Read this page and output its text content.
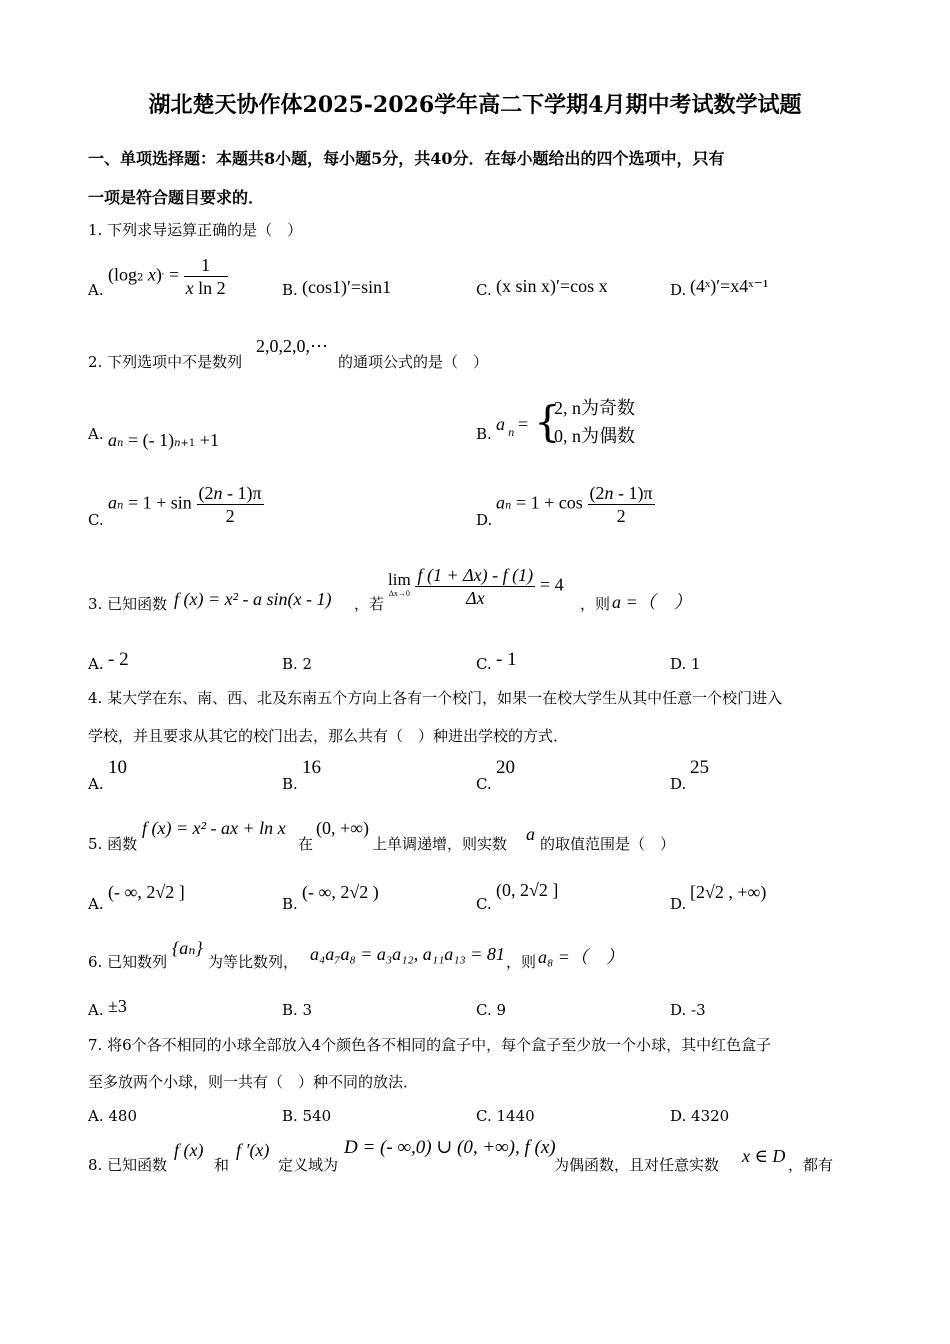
湖北楚天协作体2025-2026学年高二下学期4月期中考试数学试题
一、单项选择题：本题共8小题，每小题5分，共40分．在每小题给出的四个选项中，只有
一项是符合题目要求的．
1. 下列求导运算正确的是（　）
A.
(log2 $x)' = \frac{1}{\text{x ln 2}}$	B. (cos1)′=sin1	C. (x sin x)′=cos x	D. (4ˣ)′=x4ˣ⁻¹
2. 下列选项中不是数列
2,0,2,0,⋯
的通项公式的是（　）
A. an = (- 1)n+1 +1	B. a n = {
2, n为奇数
0, n为偶数
C.
an = $1 + \sin \frac{(2n - 1)\pi}{2}$	D.
an = $1 + \cos \frac{(2n - 1)\pi}{2}$
3. 已知函数 f (x) = x² - a sin(x - 1) ，若
lim
Δx→0
$\frac{f (1 + \Delta x) - f (1)}{\Delta x} = 4$
，则 a =（　）
A. - 2	B. 2	C. - 1	D. 1
4. 某大学在东、南、西、北及东南五个方向上各有一个校门，如果一在校大学生从其中任意一个校门进入
学校，并且要求从其它的校门出去，那么共有（　）种进出学校的方式．
A.
10
B.
16
C.
20
D.
25
5. 函数
f (x) = x² - ax + ln x
在
(0, +∞)
上单调递增，则实数 a 的取值范围是（　）
A.
(- ∞, 2√2 ]
B.
(- ∞, 2√2 )
C.
(0, 2√2 ]
D.
[2√2 , +∞)
6. 已知数列
{aₙ}
为等比数列， a₄a₇a₈ = a₃a₁₂, a₁₁a₁₃ = 81 ，则 a₈ =（　）
A. ±3	B. 3	C. 9	D. -3
7. 将6个各不相同的小球全部放入4个颜色各不相同的盒子中，每个盒子至少放一个小球，其中红色盒子
至多放两个小球，则一共有（　）种不同的放法．
A. 480	B. 540	C. 1440	D. 4320
8. 已知函数
f (x)
和
f ′(x)
定义域为
D = (- ∞,0) ∪ (0, +∞), f (x)
为偶函数，且对任意实数 x ∈ D ，都有
